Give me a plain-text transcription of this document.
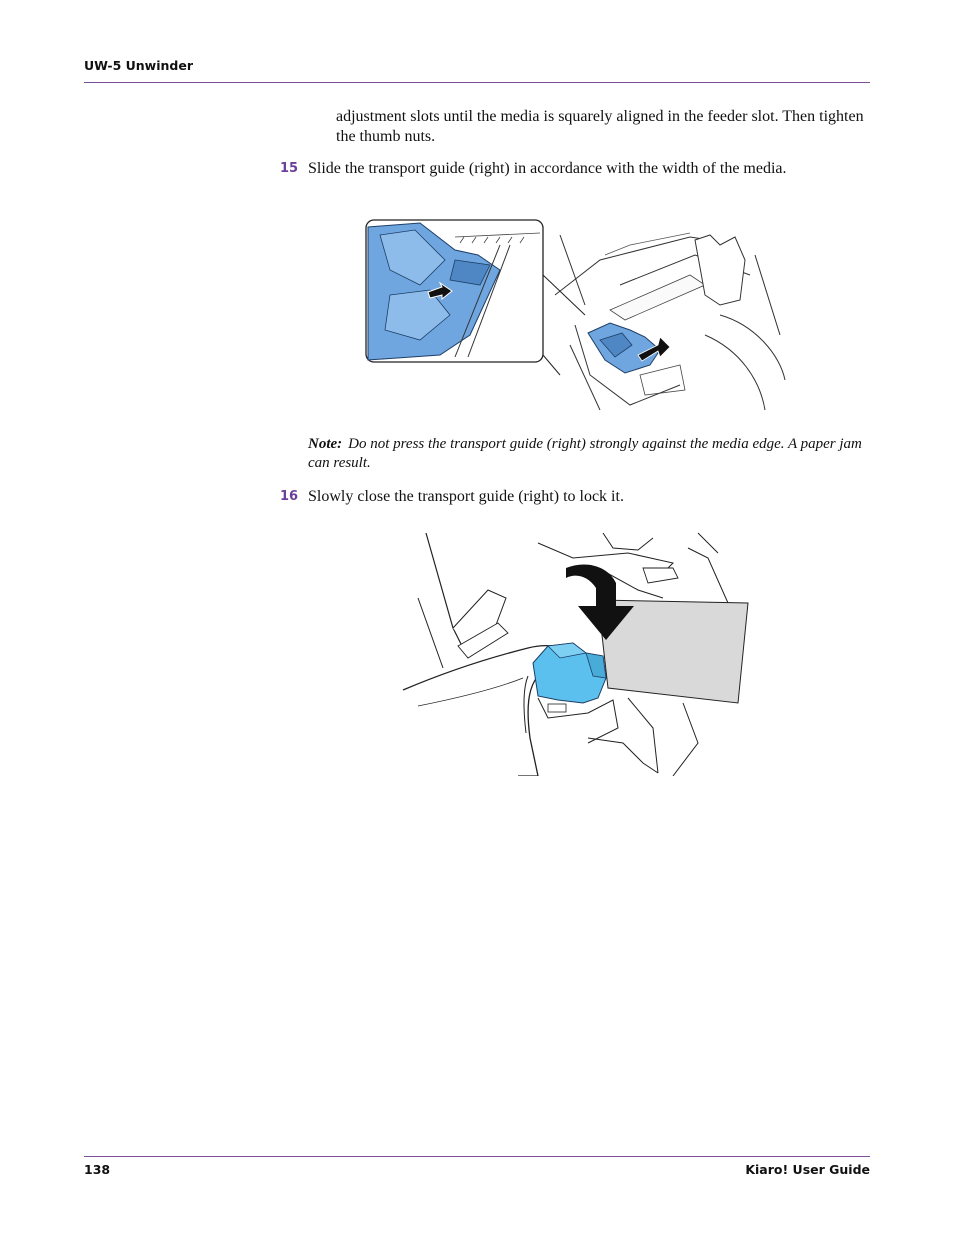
UW-5 Unwinder
adjustment slots until the media is squarely aligned in the feeder slot. Then tighten the thumb nuts.
15 Slide the transport guide (right) in accordance with the width of the media.
Note: Do not press the transport guide (right) strongly against the media edge. A paper jam can result.
16 Slowly close the transport guide (right) to lock it.
138	Kiaro! User Guide
